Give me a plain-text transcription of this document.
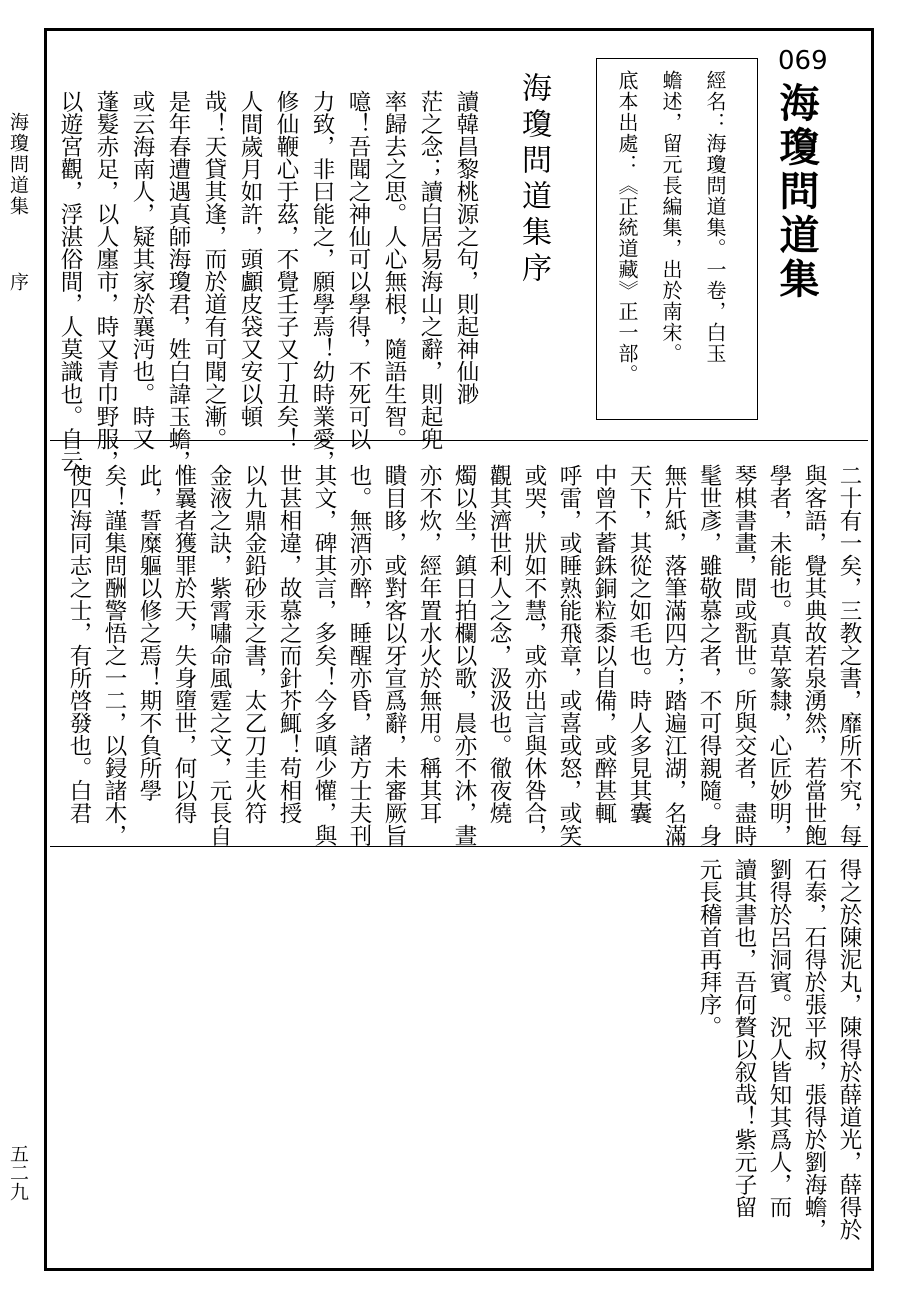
海瓊問道集
序
五二九
069
海瓊問道集
經名：海瓊問道集。一卷，白玉
蟾述，留元長編集，出於南宋。
底本出處：《正統道藏》正一部。
海瓊問道集序
讀韓昌黎桃源之句，則起神仙渺
茫之念；讀白居易海山之辭，則起兜
率歸去之思。人心無根，隨語生智。
噫！吾聞之神仙可以學得，不死可以
力致，非曰能之，願學焉！幼時業愛，
修仙鞭心于茲，不覺壬子又丁丑矣！
人間歲月如許，頭顱皮袋又安以頓
哉！天貸其逢，而於道有可聞之漸。
是年春遭遇真師海瓊君，姓白諱玉蟾，
或云海南人，疑其家於襄沔也。時又
蓬髮赤足，以人廛市，時又青巾野服，
以遊宮觀，浮湛俗間，人莫識也。自云
二十有一矣，三教之書，靡所不究，每
與客語，覺其典故若泉湧然，若當世飽
學者，未能也。真草篆隸，心匠妙明，
琴棋書畫，間或翫世。所與交者，盡時
髦世彥，雖敬慕之者，不可得親隨。身
無片紙，落筆滿四方；踏遍江湖，名滿
天下，其從之如毛也。時人多見其囊
中曾不蓄銖銅粒黍以自備，或醉甚輒
呼雷，或睡熟能飛章，或喜或怒，或笑
或哭，狀如不慧，或亦出言與休咎合，
觀其濟世利人之念，汲汲也。徹夜燒
燭以坐，鎮日拍欄以歌，晨亦不沐，晝
亦不炊，經年置水火於無用。稱其耳
瞶目眵，或對客以牙宣爲辭，未審厥旨
也。無酒亦醉，睡醒亦昏，諸方士夫刊
其文，碑其言，多矣！今多嗔少懽，與
世甚相違，故慕之而針芥鮿！苟相授
以九鼎金鉛砂汞之書，太乙刀圭火符
金液之訣，紫霄嘯命風霆之文，元長自
惟曩者獲罪於天，失身墮世，何以得
此，誓糜軀以修之焉！期不負所學
矣！謹集問酬警悟之一二，以鋟諸木，
使四海同志之士，有所啓發也。白君
得之於陳泥丸，陳得於薛道光，薛得於
石泰，石得於張平叔，張得於劉海蟾，
劉得於呂洞賓。況人皆知其爲人，而
讀其書也，吾何贅以叙哉！紫元子留
元長稽首再拜序。
